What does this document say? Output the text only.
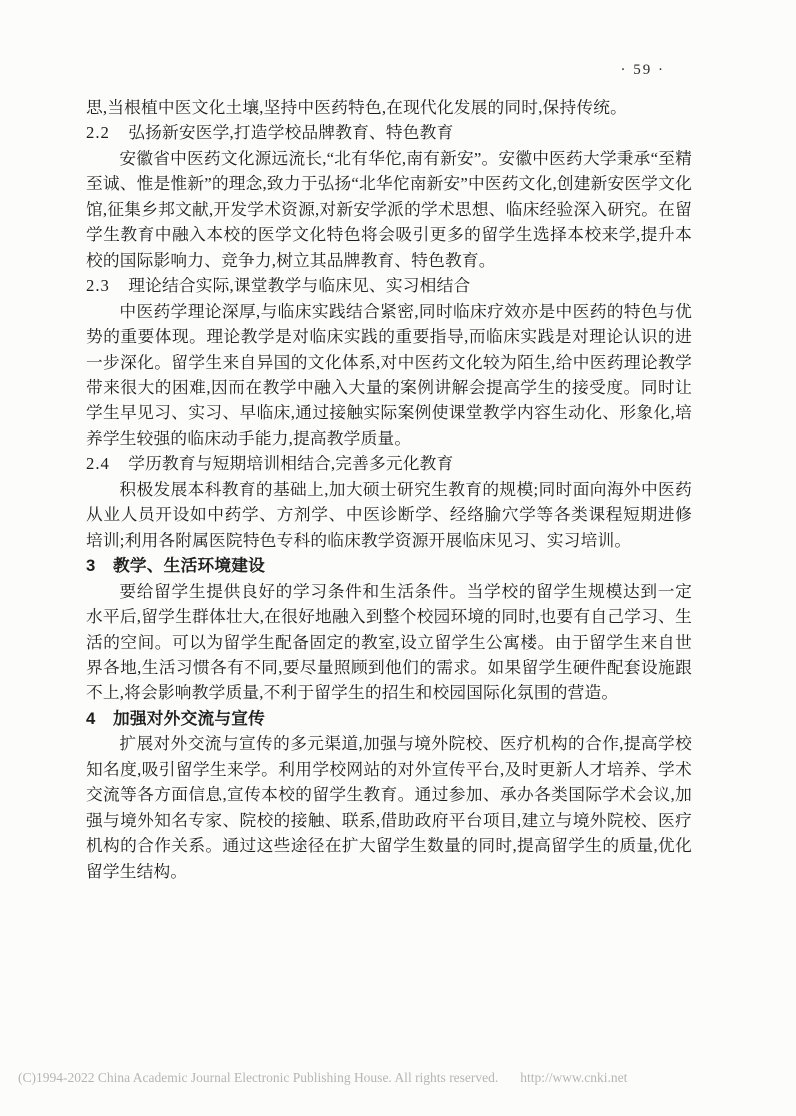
· 59 ·

思,当根植中医文化土壤,坚持中医药特色,在现代化发展的同时,保持传统。

2.2 弘扬新安医学,打造学校品牌教育、特色教育

安徽省中医药文化源远流长,“北有华佗,南有新安”。安徽中医药大学秉承“至精至诚、惟是惟新”的理念,致力于弘扬“北华佗南新安”中医药文化,创建新安医学文化馆,征集乡邦文献,开发学术资源,对新安学派的学术思想、临床经验深入研究。在留学生教育中融入本校的医学文化特色将会吸引更多的留学生选择本校来学,提升本校的国际影响力、竞争力,树立其品牌教育、特色教育。

2.3 理论结合实际,课堂教学与临床见、实习相结合

中医药学理论深厚,与临床实践结合紧密,同时临床疗效亦是中医药的特色与优势的重要体现。理论教学是对临床实践的重要指导,而临床实践是对理论认识的进一步深化。留学生来自异国的文化体系,对中医药文化较为陌生,给中医药理论教学带来很大的困难,因而在教学中融入大量的案例讲解会提高学生的接受度。同时让学生早见习、实习、早临床,通过接触实际案例使课堂教学内容生动化、形象化,培养学生较强的临床动手能力,提高教学质量。

2.4 学历教育与短期培训相结合,完善多元化教育

积极发展本科教育的基础上,加大硕士研究生教育的规模;同时面向海外中医药从业人员开设如中药学、方剂学、中医诊断学、经络腧穴学等各类课程短期进修培训;利用各附属医院特色专科的临床教学资源开展临床见习、实习培训。

3 教学、生活环境建设

要给留学生提供良好的学习条件和生活条件。当学校的留学生规模达到一定水平后,留学生群体壮大,在很好地融入到整个校园环境的同时,也要有自己学习、生活的空间。可以为留学生配备固定的教室,设立留学生公寓楼。由于留学生来自世界各地,生活习惯各有不同,要尽量照顾到他们的需求。如果留学生硬件配套设施跟不上,将会影响教学质量,不利于留学生的招生和校园国际化氛围的营造。

4 加强对外交流与宣传

扩展对外交流与宣传的多元渠道,加强与境外院校、医疗机构的合作,提高学校知名度,吸引留学生来学。利用学校网站的对外宣传平台,及时更新人才培养、学术交流等各方面信息,宣传本校的留学生教育。通过参加、承办各类国际学术会议,加强与境外知名专家、院校的接触、联系,借助政府平台项目,建立与境外院校、医疗机构的合作关系。通过这些途径在扩大留学生数量的同时,提高留学生的质量,优化留学生结构。

(C)1994-2022 China Academic Journal Electronic Publishing House. All rights reserved. http://www.cnki.net
